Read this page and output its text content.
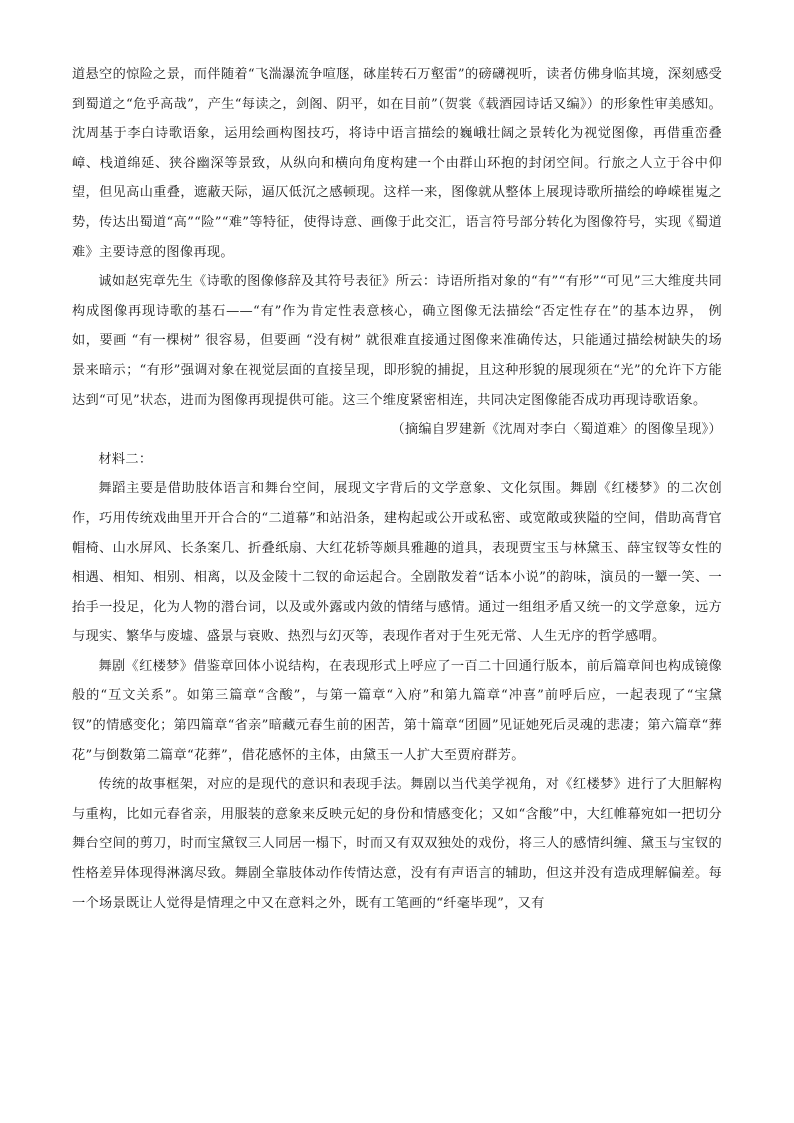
道悬空的惊险之景，而伴随着“飞湍瀑流争喧豗，砯崖转石万壑雷”的磅礴视听，读者仿佛身临其境，深刻感受到蜀道之“危乎高哉”，产生“每读之，剑阁、阴平，如在目前”（贺裳《载酒园诗话又编》）的形象性审美感知。沈周基于李白诗歌语象，运用绘画构图技巧，将诗中语言描绘的巍峨壮阔之景转化为视觉图像，再借重峦叠嶂、栈道绵延、狭谷幽深等景致，从纵向和横向角度构建一个由群山环抱的封闭空间。行旅之人立于谷中仰望，但见高山重叠，遮蔽天际，逼仄低沉之感顿现。这样一来，图像就从整体上展现诗歌所描绘的峥嵘崔嵬之势，传达出蜀道“高”“险”“难”等特征，使得诗意、画像于此交汇，语言符号部分转化为图像符号，实现《蜀道难》主要诗意的图像再现。

诚如赵宪章先生《诗歌的图像修辞及其符号表征》所云：诗语所指对象的“有”“有形”“可见”三大维度共同构成图像再现诗歌的基石——“有”作为肯定性表意核心，确立图像无法描绘“否定性存在”的基本边界， 例如，要画 “有一棵树” 很容易，但要画 “没有树” 就很难直接通过图像来准确传达，只能通过描绘树缺失的场景来暗示；“有形”强调对象在视觉层面的直接呈现，即形貌的捕捉，且这种形貌的展现须在“光”的允许下方能达到“可见”状态，进而为图像再现提供可能。这三个维度紧密相连，共同决定图像能否成功再现诗歌语象。

（摘编自罗建新《沈周对李白〈蜀道难〉的图像呈现》）

材料二：

舞蹈主要是借助肢体语言和舞台空间，展现文字背后的文学意象、文化氛围。舞剧《红楼梦》的二次创作，巧用传统戏曲里开开合合的“二道幕”和站沿条，建构起或公开或私密、或宽敞或狭隘的空间，借助高背官帽椅、山水屏风、长条案几、折叠纸扇、大红花轿等颇具雅趣的道具，表现贾宝玉与林黛玉、薛宝钗等女性的相遇、相知、相别、相离，以及金陵十二钗的命运起合。全剧散发着“话本小说”的韵味，演员的一颦一笑、一抬手一投足，化为人物的潜台词，以及或外露或内敛的情绪与感情。通过一组组矛盾又统一的文学意象，远方与现实、繁华与废墟、盛景与衰败、热烈与幻灭等，表现作者对于生死无常、人生无序的哲学感喟。

舞剧《红楼梦》借鉴章回体小说结构，在表现形式上呼应了一百二十回通行版本，前后篇章间也构成镜像般的“互文关系”。如第三篇章“含酸”，与第一篇章“入府”和第九篇章“冲喜”前呼后应，一起表现了“宝黛钗”的情感变化；第四篇章“省亲”暗藏元春生前的困苦，第十篇章“团圆”见证她死后灵魂的悲凄；第六篇章“葬花”与倒数第二篇章“花葬”，借花感怀的主体，由黛玉一人扩大至贾府群芳。

传统的故事框架，对应的是现代的意识和表现手法。舞剧以当代美学视角，对《红楼梦》进行了大胆解构与重构，比如元春省亲，用服装的意象来反映元妃的身份和情感变化；又如“含酸”中，大红帷幕宛如一把切分舞台空间的剪刀，时而宝黛钗三人同居一榻下，时而又有双双独处的戏份，将三人的感情纠缠、黛玉与宝钗的性格差异体现得淋漓尽致。舞剧全靠肢体动作传情达意，没有有声语言的辅助，但这并没有造成理解偏差。每一个场景既让人觉得是情理之中又在意料之外，既有工笔画的“纤毫毕现”，又有
